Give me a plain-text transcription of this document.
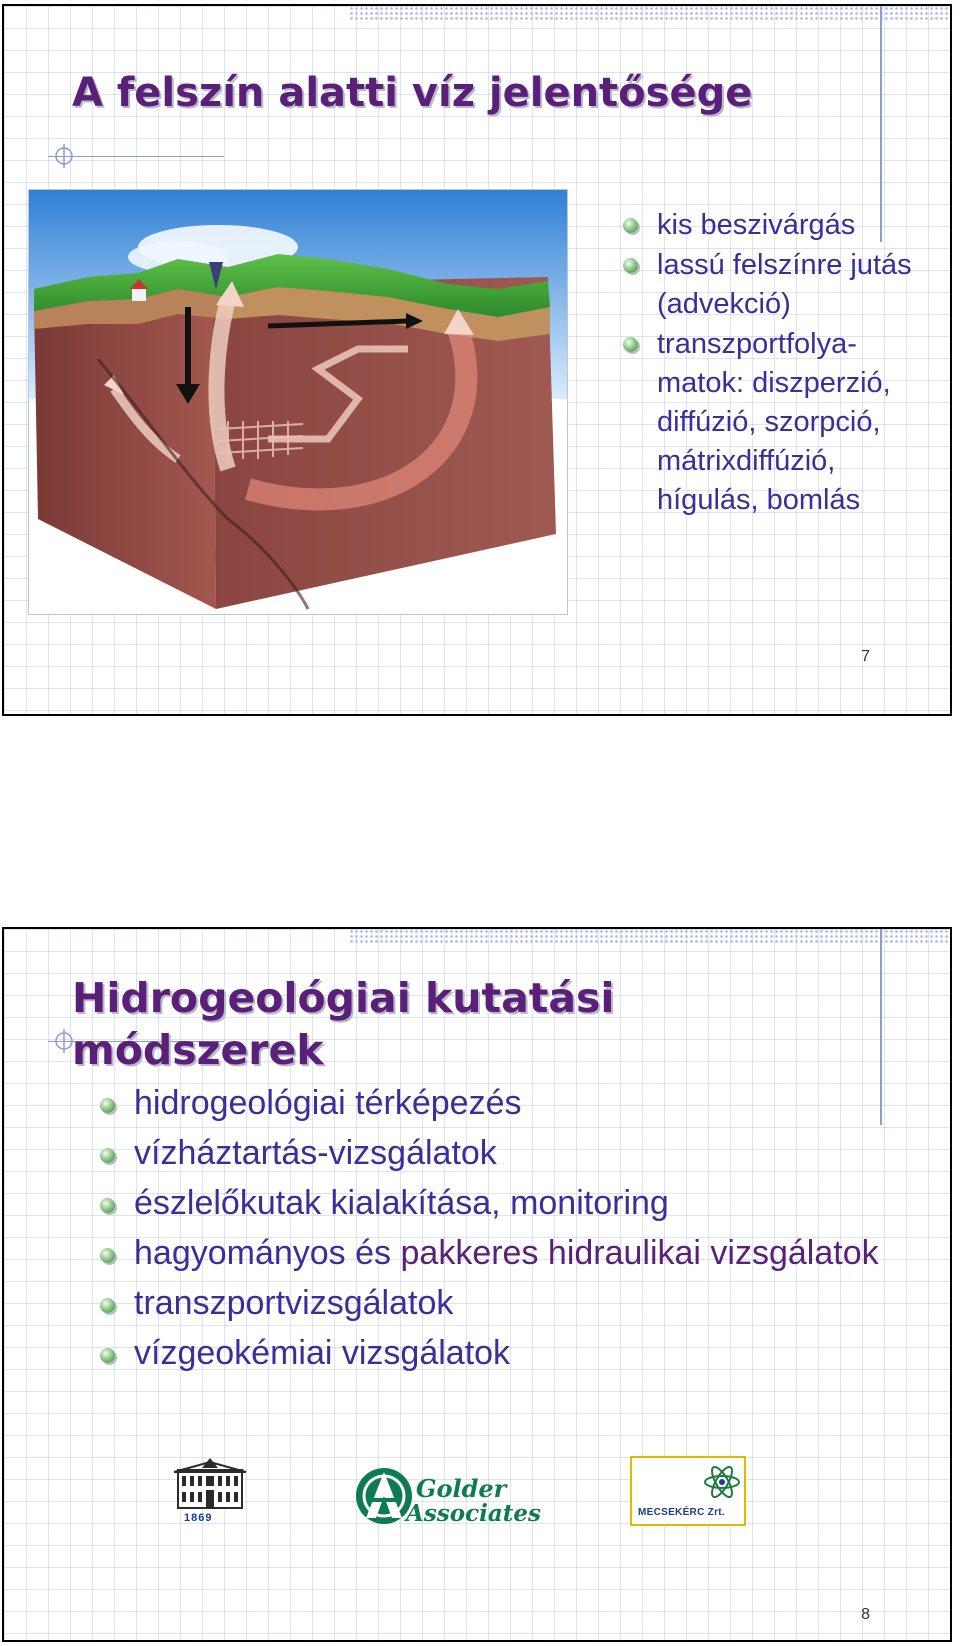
A felszín alatti víz jelentősége
kis beszivárgás
lassú felszínre jutás (advekció)
transzportfolya-matok: diszperzió, diffúzió, szorpció, mátrixdiffúzió, hígulás, bomlás
7
Hidrogeológiai kutatási módszerek
hidrogeológiai térképezés
vízháztartás-vizsgálatok
észlelőkutak kialakítása, monitoring
hagyományos és pakkeres hidraulikai vizsgálatok
transzportvizsgálatok
vízgeokémiai vizsgálatok
1869
Golder
Associates	MECSEKÉRC Zrt.
8
